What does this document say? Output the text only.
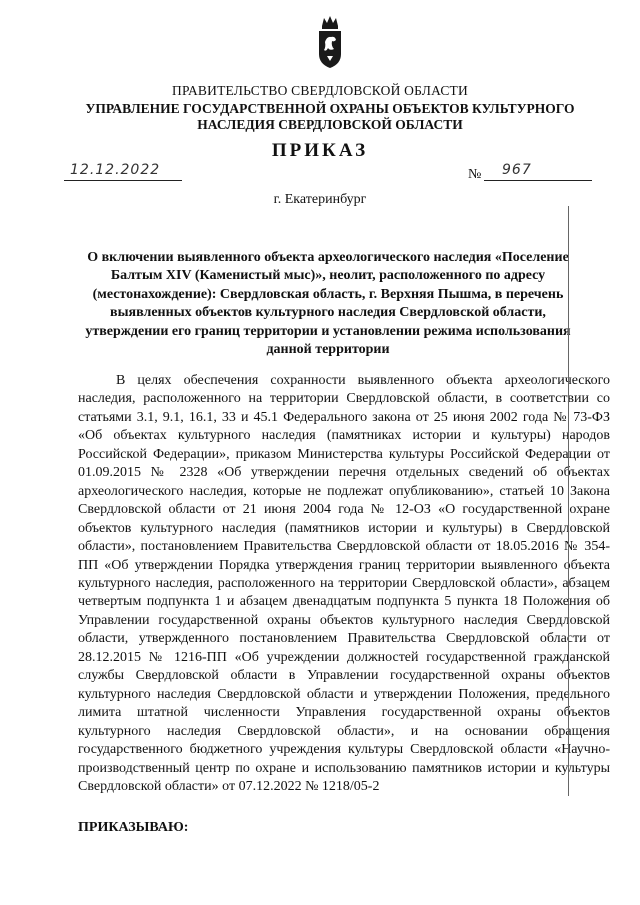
ПРАВИТЕЛЬСТВО СВЕРДЛОВСКОЙ ОБЛАСТИ
УПРАВЛЕНИЕ ГОСУДАРСТВЕННОЙ ОХРАНЫ ОБЪЕКТОВ КУЛЬТУРНОГО НАСЛЕДИЯ СВЕРДЛОВСКОЙ ОБЛАСТИ
ПРИКАЗ
12.12.2022	№ 967
г. Екатеринбург
О включении выявленного объекта археологического наследия «Поселение Балтым XIV (Каменистый мыс)», неолит, расположенного по адресу (местонахождение): Свердловская область, г. Верхняя Пышма, в перечень выявленных объектов культурного наследия Свердловской области, утверждении его границ территории и установлении режима использования данной территории

В целях обеспечения сохранности выявленного объекта археологического наследия, расположенного на территории Свердловской области, в соответствии со статьями 3.1, 9.1, 16.1, 33 и 45.1 Федерального закона от 25 июня 2002 года № 73-ФЗ «Об объектах культурного наследия (памятниках истории и культуры) народов Российской Федерации», приказом Министерства культуры Российской Федерации от 01.09.2015 № 2328 «Об утверждении перечня отдельных сведений об объектах археологического наследия, которые не подлежат опубликованию», статьей 10 Закона Свердловской области от 21 июня 2004 года № 12-ОЗ «О государственной охране объектов культурного наследия (памятников истории и культуры) в Свердловской области», постановлением Правительства Свердловской области от 18.05.2016 № 354-ПП «Об утверждении Порядка утверждения границ территории выявленного объекта культурного наследия, расположенного на территории Свердловской области», абзацем четвертым подпункта 1 и абзацем двенадцатым подпункта 5 пункта 18 Положения об Управлении государственной охраны объектов культурного наследия Свердловской области, утвержденного постановлением Правительства Свердловской области от 28.12.2015 № 1216-ПП «Об учреждении должностей государственной гражданской службы Свердловской области в Управлении государственной охраны объектов культурного наследия Свердловской области и утверждении Положения, предельного лимита штатной численности Управления государственной охраны объектов культурного наследия Свердловской области», и на основании обращения государственного бюджетного учреждения культуры Свердловской области «Научно-производственный центр по охране и использованию памятников истории и культуры Свердловской области» от 07.12.2022 № 1218/05-2

ПРИКАЗЫВАЮ:
